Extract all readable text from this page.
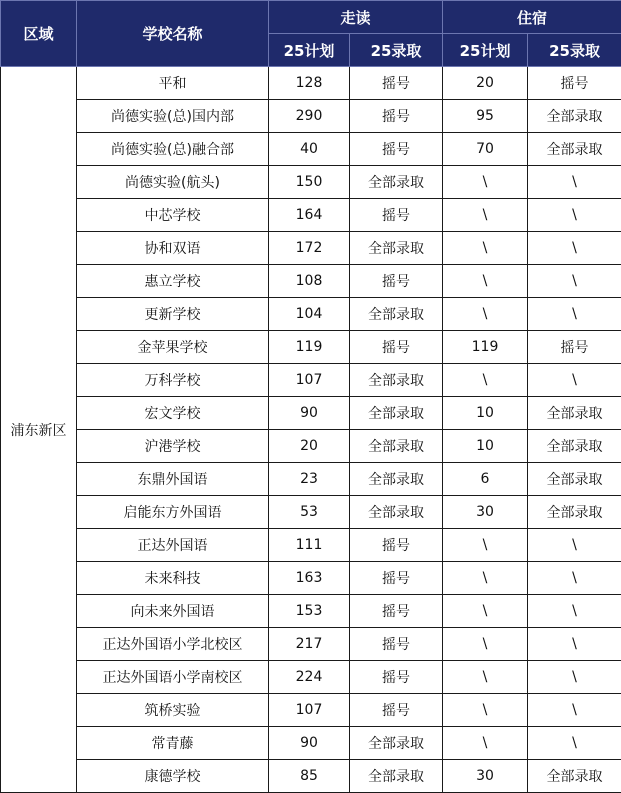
区域	学校名称	走读		住宿	
		25计划	25录取	25计划	25录取
浦东新区	平和	128	摇号	20	摇号
	尚德实验(总)国内部	290	摇号	95	全部录取
	尚德实验(总)融合部	40	摇号	70	全部录取
	尚德实验(航头)	150	全部录取	\	\
	中芯学校	164	摇号	\	\
	协和双语	172	全部录取	\	\
	惠立学校	108	摇号	\	\
	更新学校	104	全部录取	\	\
	金苹果学校	119	摇号	119	摇号
	万科学校	107	全部录取	\	\
	宏文学校	90	全部录取	10	全部录取
	沪港学校	20	全部录取	10	全部录取
	东鼎外国语	23	全部录取	6	全部录取
	启能东方外国语	53	全部录取	30	全部录取
	正达外国语	111	摇号	\	\
	未来科技	163	摇号	\	\
	向未来外国语	153	摇号	\	\
	正达外国语小学北校区	217	摇号	\	\
	正达外国语小学南校区	224	摇号	\	\
	筑桥实验	107	摇号	\	\
	常青藤	90	全部录取	\	\
	康德学校	85	全部录取	30	全部录取
